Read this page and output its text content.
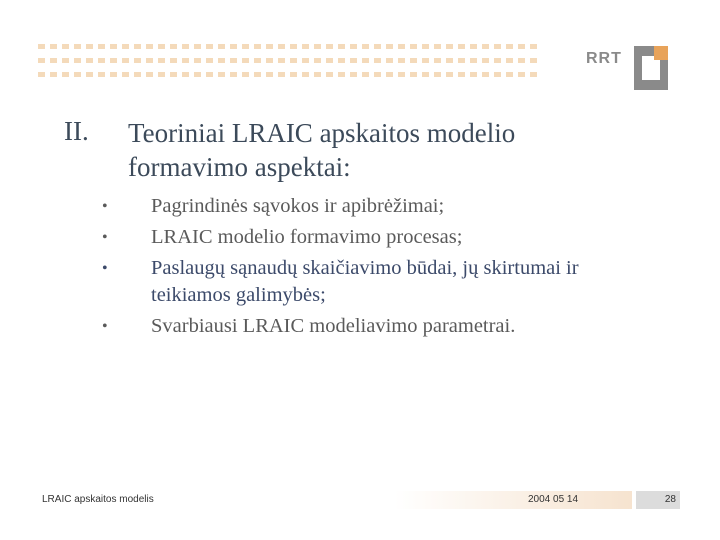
RRT
II. Teoriniai LRAIC apskaitos modelio formavimo aspektai:
• Pagrindinės sąvokos ir apibrėžimai;
• LRAIC modelio formavimo procesas;
• Paslaugų sąnaudų skaičiavimo būdai, jų skirtumai ir teikiamos galimybės;
• Svarbiausi LRAIC modeliavimo parametrai.
LRAIC apskaitos modelis	2004 05 14	28
